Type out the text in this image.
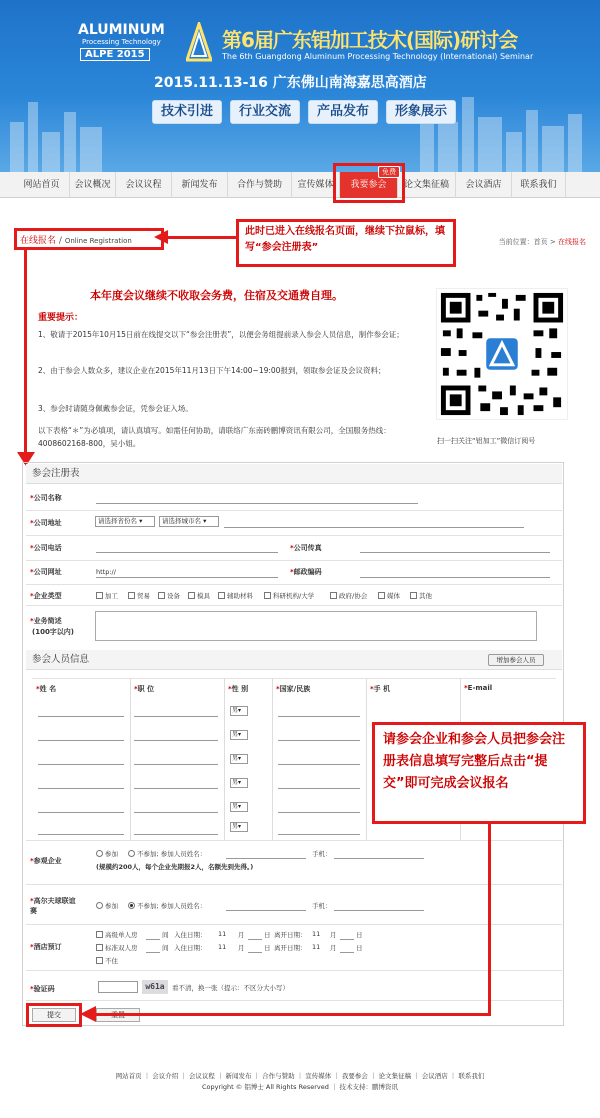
ALUMINUM
Processing Technology
ALPE 2015
第6届广东铝加工技术(国际)研讨会
The 6th Guangdong Aluminum Processing Technology (International) Seminar
2015.11.13-16 广东佛山南海嘉思高酒店
技术引进	行业交流	产品发布	形象展示
网站首页	会议概况	会议议程	新闻发布	合作与赞助	宣传媒体	我要参会	论文集征稿	会议酒店	联系我们
免费
在线报名 / Online Registration	当前位置：首页 > 在线报名
此时已进入在线报名页面，继续下拉鼠标，填写“参会注册表”
本年度会议继续不收取会务费，住宿及交通费自理。
重要提示：
1、敬请于2015年10月15日前在线提交以下“参会注册表”，以便会务组提前录入参会人员信息，制作参会证；
2、由于参会人数众多，建议企业在2015年11月13日下午14:00~19:00报到，领取参会证及会议资料；
3、参会时请随身佩戴参会证，凭参会证入场。
以下表格“＊”为必填项，请认真填写。如需任何协助，请联络广东南砖鹏博资讯有限公司，全国服务热线：4008602168-800，吴小姐。	扫一扫关注“铝加工”微信订阅号
参会注册表
*公司名称
*公司地址	请选择省份名 ▾	请选择城市名 ▾
*公司电话	*公司传真
*公司网址	http://	*邮政编码
*企业类型	加工	贸易	设备	模具	辅助材料	科研机构/大学	政府/协会	媒体	其他
*业务简述
(100字以内)
参会人员信息	增加参会人员
*姓 名	*职 位	*性 别	*国家/民族	*手 机	*E-mail
男▾
男▾
男▾
男▾
男▾
男▾
*参观企业
参加	不参加; 参加人员姓名：	手机：
(规模约200人，每个企业先期报2人，名额先到先得。)
*高尔夫球联谊
赛
参加	不参加; 参加人员姓名：	手机：
*酒店预订
高级单人房	间 入住日期： 11 月	日 离开日期： 11 月	日
标准双人房	间 入住日期： 11 月	日 离开日期： 11 月	日
不住
*验证码	w61a	看不清，换一张（提示：不区分大小写）
提交
请参会企业和参会人员把参会注册表信息填写完整后点击“提交”即可完成会议报名
网站首页 ｜ 会议介绍 ｜ 会议议程 ｜ 新闻发布 ｜ 合作与赞助 ｜ 宣传媒体 ｜ 我要参会 ｜ 论文集征稿 ｜ 会议酒店 ｜ 联系我们
Copyright © 铝博士 All Rights Reserved ｜ 技术支持：鹏博资讯
